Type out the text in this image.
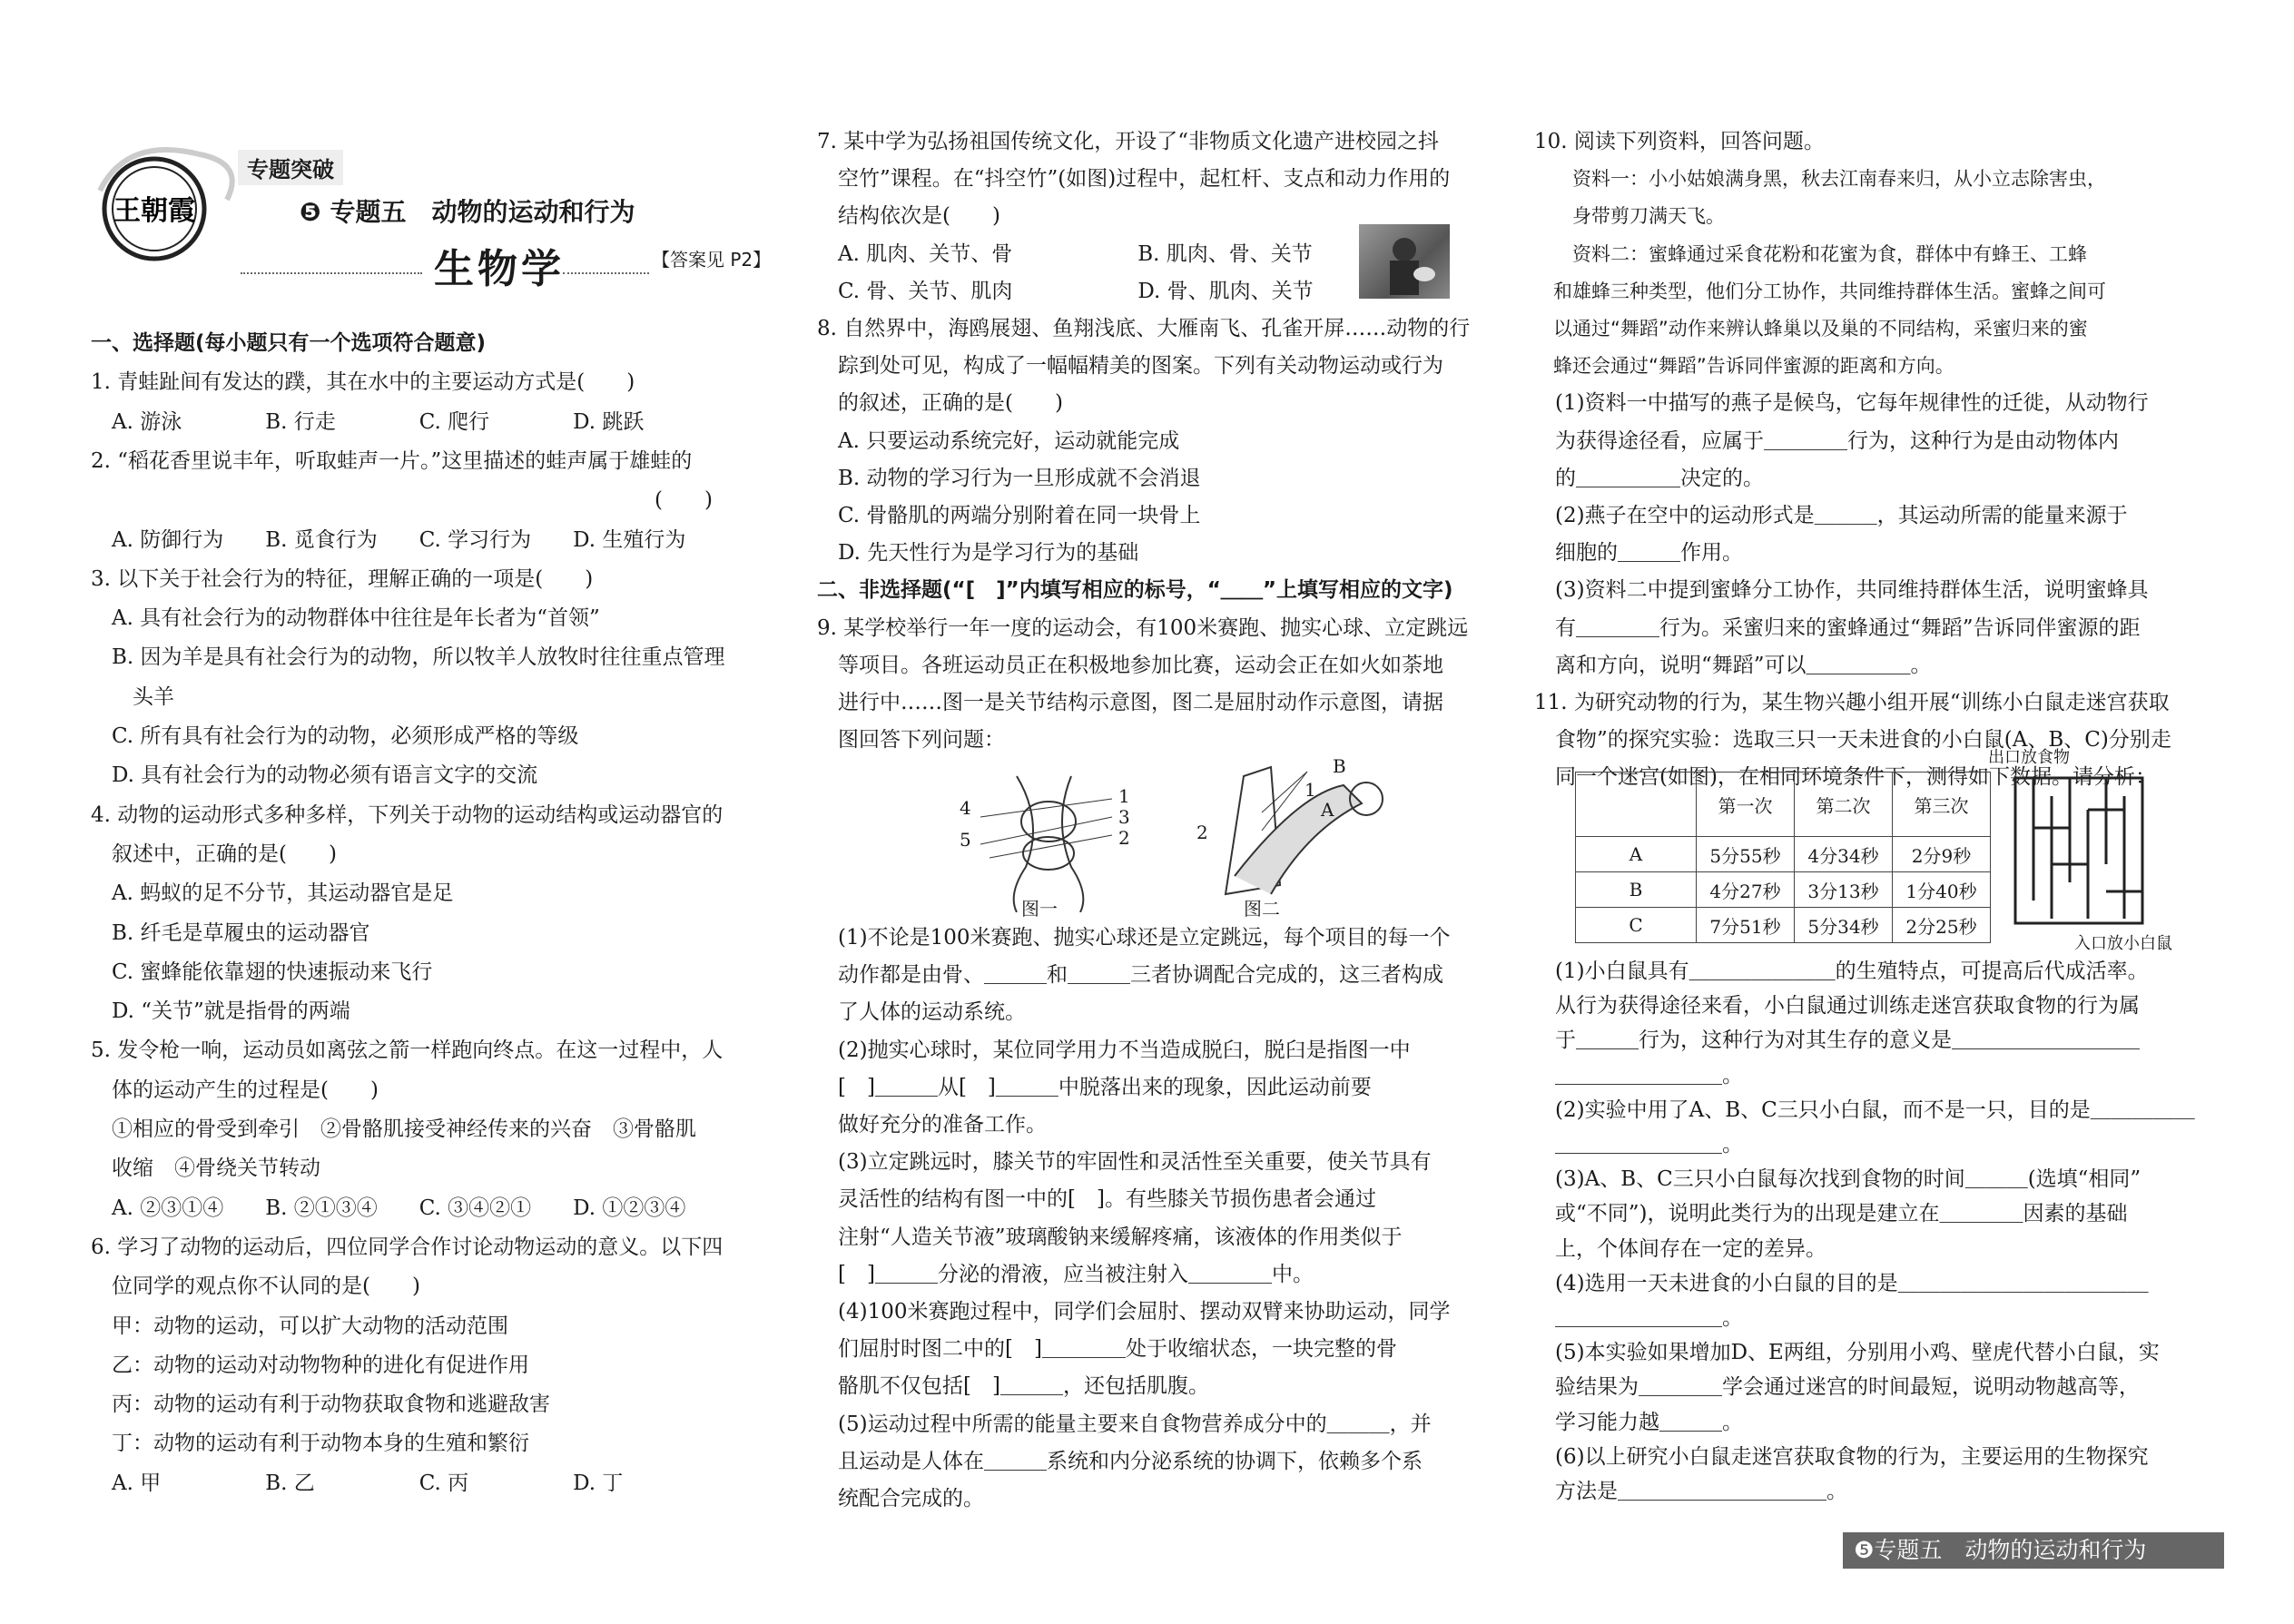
王朝霞
专题突破
❺ 专题五　动物的运动和行为
生物学	【答案见 P2】
一、选择题(每小题只有一个选项符合题意)
1. 青蛙趾间有发达的蹼，其在水中的主要运动方式是(　　)
　A. 游泳　　　　B. 行走　　　　C. 爬行　　　　D. 跳跃
2. “稻花香里说丰年，听取蛙声一片。”这里描述的蛙声属于雄蛙的
　　　　　　　　　　　　　　　　　　　　　　　　　　　(　　)
　A. 防御行为　　B. 觅食行为　　C. 学习行为　　D. 生殖行为
3. 以下关于社会行为的特征，理解正确的一项是(　　)
　A. 具有社会行为的动物群体中往往是年长者为“首领”
　B. 因为羊是具有社会行为的动物，所以牧羊人放牧时往往重点管理
　　头羊
　C. 所有具有社会行为的动物，必须形成严格的等级
　D. 具有社会行为的动物必须有语言文字的交流
4. 动物的运动形式多种多样，下列关于动物的运动结构或运动器官的
　叙述中，正确的是(　　)
　A. 蚂蚁的足不分节，其运动器官是足
　B. 纤毛是草履虫的运动器官
　C. 蜜蜂能依靠翅的快速振动来飞行
　D. “关节”就是指骨的两端
5. 发令枪一响，运动员如离弦之箭一样跑向终点。在这一过程中，人
　体的运动产生的过程是(　　)
　①相应的骨受到牵引　②骨骼肌接受神经传来的兴奋　③骨骼肌
　收缩　④骨绕关节转动
　A. ②③①④　　B. ②①③④　　C. ③④②①　　D. ①②③④
6. 学习了动物的运动后，四位同学合作讨论动物运动的意义。以下四
　位同学的观点你不认同的是(　　)
　甲：动物的运动，可以扩大动物的活动范围
　乙：动物的运动对动物物种的进化有促进作用
　丙：动物的运动有利于动物获取食物和逃避敌害
　丁：动物的运动有利于动物本身的生殖和繁衍
　A. 甲　　　　　B. 乙　　　　　C. 丙　　　　　D. 丁
7. 某中学为弘扬祖国传统文化，开设了“非物质文化遗产进校园之抖
　空竹”课程。在“抖空竹”(如图)过程中，起杠杆、支点和动力作用的
　结构依次是(　　)
　A. 肌肉、关节、骨　　　　　　B. 肌肉、骨、关节
　C. 骨、关节、肌肉　　　　　　D. 骨、肌肉、关节
8. 自然界中，海鸥展翅、鱼翔浅底、大雁南飞、孔雀开屏……动物的行
　踪到处可见，构成了一幅幅精美的图案。下列有关动物运动或行为
　的叙述，正确的是(　　)
　A. 只要运动系统完好，运动就能完成
　B. 动物的学习行为一旦形成就不会消退
　C. 骨骼肌的两端分别附着在同一块骨上
　D. 先天性行为是学习行为的基础
二、非选择题(“[　]”内填写相应的标号，“＿＿”上填写相应的文字)
9. 某学校举行一年一度的运动会，有100米赛跑、抛实心球、立定跳远
　等项目。各班运动员正在积极地参加比赛，运动会正在如火如荼地
　进行中……图一是关节结构示意图，图二是屈肘动作示意图，请据
　图回答下列问题：
　(1)不论是100米赛跑、抛实心球还是立定跳远，每个项目的每一个
　动作都是由骨、＿＿＿和＿＿＿三者协调配合完成的，这三者构成
　了人体的运动系统。
　(2)抛实心球时，某位同学用力不当造成脱臼，脱臼是指图一中
　[　]＿＿＿从[　]＿＿＿中脱落出来的现象，因此运动前要
　做好充分的准备工作。
　(3)立定跳远时，膝关节的牢固性和灵活性至关重要，使关节具有
　灵活性的结构有图一中的[　]。有些膝关节损伤患者会通过
　注射“人造关节液”玻璃酸钠来缓解疼痛，该液体的作用类似于
　[　]＿＿＿分泌的滑液，应当被注射入＿＿＿＿中。
　(4)100米赛跑过程中，同学们会屈肘、摆动双臂来协助运动，同学
　们屈肘时图二中的[　]＿＿＿＿处于收缩状态，一块完整的骨
　骼肌不仅包括[　]＿＿＿，还包括肌腹。
　(5)运动过程中所需的能量主要来自食物营养成分中的＿＿＿，并
　且运动是人体在＿＿＿系统和内分泌系统的协调下，依赖多个系
　统配合完成的。
10. 阅读下列资料，回答问题。
　　资料一：小小姑娘满身黑，秋去江南春来归，从小立志除害虫，
　　身带剪刀满天飞。
　　资料二：蜜蜂通过采食花粉和花蜜为食，群体中有蜂王、工蜂
　和雄蜂三种类型，他们分工协作，共同维持群体生活。蜜蜂之间可
　以通过“舞蹈”动作来辨认蜂巢以及巢的不同结构，采蜜归来的蜜
　蜂还会通过“舞蹈”告诉同伴蜜源的距离和方向。
　(1)资料一中描写的燕子是候鸟，它每年规律性的迁徙，从动物行
　为获得途径看，应属于＿＿＿＿行为，这种行为是由动物体内
　的＿＿＿＿＿决定的。
　(2)燕子在空中的运动形式是＿＿＿，其运动所需的能量来源于
　细胞的＿＿＿作用。
　(3)资料二中提到蜜蜂分工协作，共同维持群体生活，说明蜜蜂具
　有＿＿＿＿行为。采蜜归来的蜜蜂通过“舞蹈”告诉同伴蜜源的距
　离和方向，说明“舞蹈”可以＿＿＿＿＿。
11. 为研究动物的行为，某生物兴趣小组开展“训练小白鼠走迷宫获取
　食物”的探究实验：选取三只一天未进食的小白鼠(A、B、C)分别走
　同一个迷宫(如图)，在相同环境条件下，测得如下数据。请分析：
　(1)小白鼠具有＿＿＿＿＿＿＿的生殖特点，可提高后代成活率。
　从行为获得途径来看，小白鼠通过训练走迷宫获取食物的行为属
　于＿＿＿行为，这种行为对其生存的意义是＿＿＿＿＿＿＿＿＿
　＿＿＿＿＿＿＿＿。
　(2)实验中用了A、B、C三只小白鼠，而不是一只，目的是＿＿＿＿＿
　＿＿＿＿＿＿＿＿。
　(3)A、B、C三只小白鼠每次找到食物的时间＿＿＿(选填“相同”
　或“不同”)，说明此类行为的出现是建立在＿＿＿＿因素的基础
　上，个体间存在一定的差异。
　(4)选用一天未进食的小白鼠的目的是＿＿＿＿＿＿＿＿＿＿＿＿
　＿＿＿＿＿＿＿＿。
　(5)本实验如果增加D、E两组，分别用小鸡、壁虎代替小白鼠，实
　验结果为＿＿＿＿学会通过迷宫的时间最短，说明动物越高等，
　学习能力越＿＿＿。
　(6)以上研究小白鼠走迷宫获取食物的行为，主要运用的生物探究
　方法是＿＿＿＿＿＿＿＿＿＿。
4
5
1
3
2
图一
B
1
A
2
图二
	第一次	第二次	第三次
A	5分55秒	4分34秒	2分9秒
B	4分27秒	3分13秒	1分40秒
C	7分51秒	5分34秒	2分25秒
出口放食物
入口放小白鼠
❺专题五　动物的运动和行为
